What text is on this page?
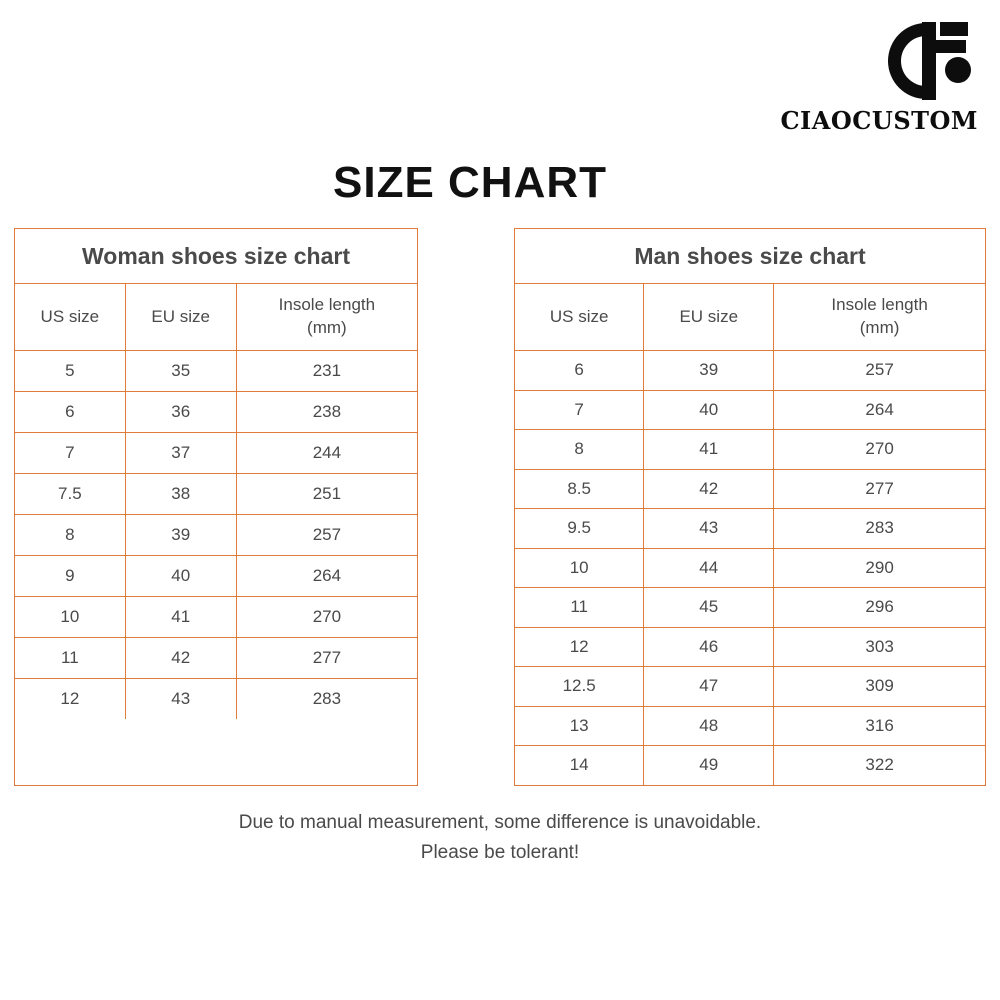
CIAOCUSTOM
SIZE CHART
Woman shoes size chart
US size	EU size	Insole length
(mm)
5	35	231
6	36	238
7	37	244
7.5	38	251
8	39	257
9	40	264
10	41	270
11	42	277
12	43	283
Man shoes size chart
US size	EU size	Insole length
(mm)
6	39	257
7	40	264
8	41	270
8.5	42	277
9.5	43	283
10	44	290
11	45	296
12	46	303
12.5	47	309
13	48	316
14	49	322
Due to manual measurement, some difference is unavoidable.
Please be tolerant!
